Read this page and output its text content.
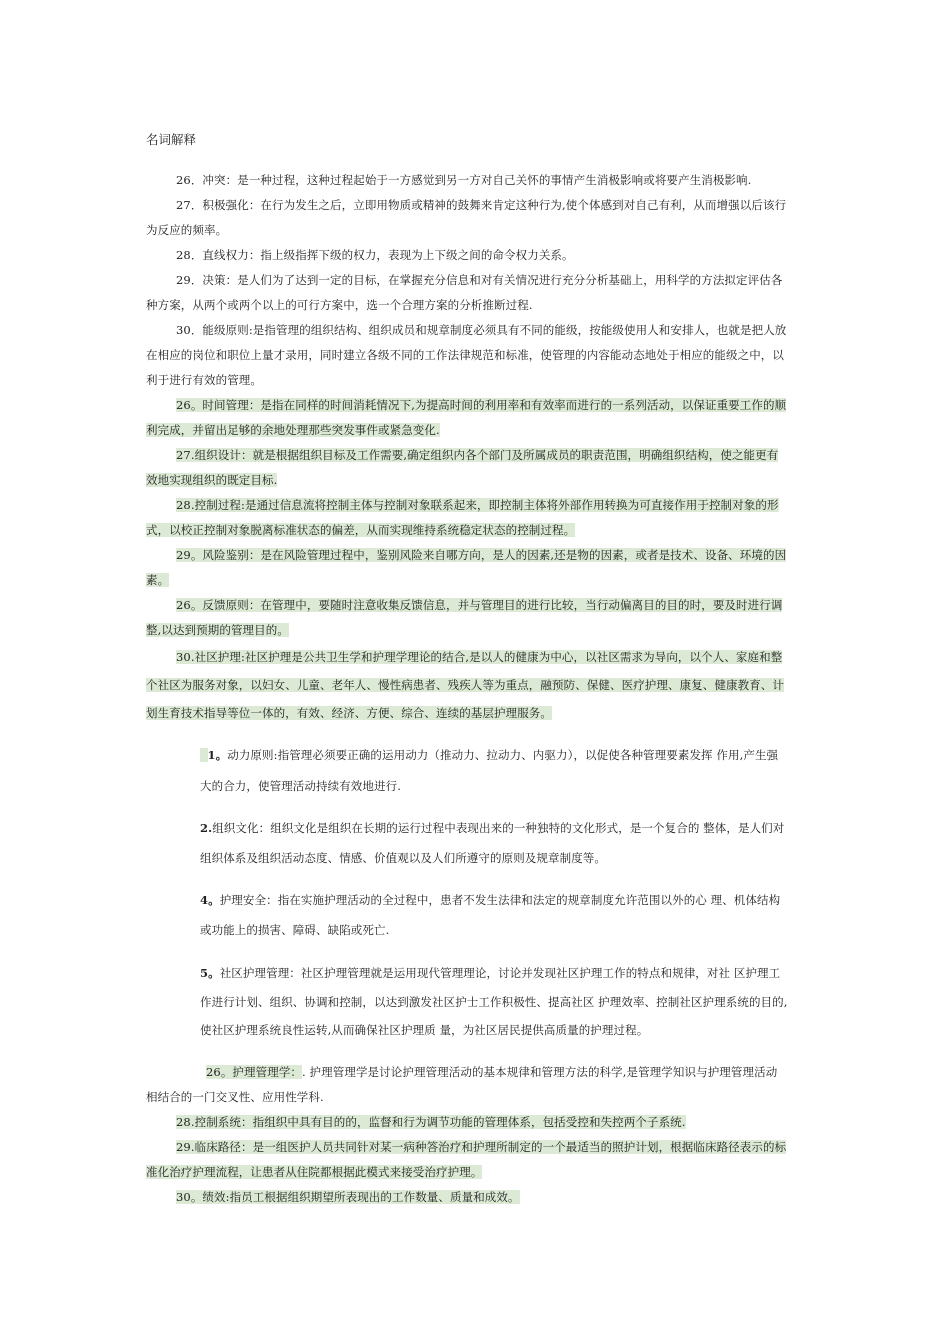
名词解释
26．冲突：是一种过程，这种过程起始于一方感觉到另一方对自己关怀的事情产生消极影响或将要产生消极影响.
27．积极强化：在行为发生之后，立即用物质或精神的鼓舞来肯定这种行为,使个体感到对自己有利，从而增强以后该行
为反应的频率。
28．直线权力：指上级指挥下级的权力，表现为上下级之间的命令权力关系。
29．决策：是人们为了达到一定的目标，在掌握充分信息和对有关情况进行充分分析基础上，用科学的方法拟定评估各
种方案，从两个或两个以上的可行方案中，选一个合理方案的分析推断过程.
30．能级原则:是指管理的组织结构、组织成员和规章制度必须具有不同的能级，按能级使用人和安排人，也就是把人放
在相应的岗位和职位上量才录用，同时建立各级不同的工作法律规范和标准，使管理的内容能动态地处于相应的能级之中，以
利于进行有效的管理。
26。时间管理：是指在同样的时间消耗情况下,为提高时间的利用率和有效率而进行的一系列活动，以保证重要工作的顺
利完成，并留出足够的余地处理那些突发事件或紧急变化.
27.组织设计：就是根据组织目标及工作需要,确定组织内各个部门及所属成员的职责范围，明确组织结构，使之能更有
效地实现组织的既定目标.
28.控制过程:是通过信息流将控制主体与控制对象联系起来，即控制主体将外部作用转换为可直接作用于控制对象的形
式，以校正控制对象脱离标准状态的偏差，从而实现维持系统稳定状态的控制过程。
29。风险鉴别：是在风险管理过程中，鉴别风险来自哪方向，是人的因素,还是物的因素，或者是技术、设备、环境的因
素。
26。反馈原则：在管理中，要随时注意收集反馈信息，并与管理目的进行比较，当行动偏离目的目的时，要及时进行调
整,以达到预期的管理目的。
30.社区护理:社区护理是公共卫生学和护理学理论的结合,是以人的健康为中心，以社区需求为导向，以个人、家庭和整
个社区为服务对象，以妇女、儿童、老年人、慢性病患者、残疾人等为重点，融预防、保健、医疗护理、康复、健康教育、计
划生育技术指导等位一体的，有效、经济、方便、综合、连续的基层护理服务。
1。动力原则:指管理必须要正确的运用动力（推动力、拉动力、内驱力），以促使各种管理要素发挥 作用,产生强
大的合力，使管理活动持续有效地进行.
2.组织文化：组织文化是组织在长期的运行过程中表现出来的一种独特的文化形式，是一个复合的 整体，是人们对
组织体系及组织活动态度、情感、价值观以及人们所遵守的原则及规章制度等。
4。护理安全：指在实施护理活动的全过程中，患者不发生法律和法定的规章制度允许范围以外的心 理、机体结构
或功能上的损害、障碍、缺陷或死亡.
5。社区护理管理：社区护理管理就是运用现代管理理论，讨论并发现社区护理工作的特点和规律，对社 区护理工
作进行计划、组织、协调和控制，以达到激发社区护士工作积极性、提高社区 护理效率、控制社区护理系统的目的,
使社区护理系统良性运转,从而确保社区护理质 量，为社区居民提供高质量的护理过程。
26。护理管理学：. 护理管理学是讨论护理管理活动的基本规律和管理方法的科学,是管理学知识与护理管理活动
相结合的一门交叉性、应用性学科.
28.控制系统：指组织中具有目的的，监督和行为调节功能的管理体系，包括受控和失控两个子系统.
29.临床路径：是一组医护人员共同针对某一病种答治疗和护理所制定的一个最适当的照护计划，根据临床路径表示的标
准化治疗护理流程，让患者从住院都根据此模式来接受治疗护理。
30。绩效:指员工根据组织期望所表现出的工作数量、质量和成效。
